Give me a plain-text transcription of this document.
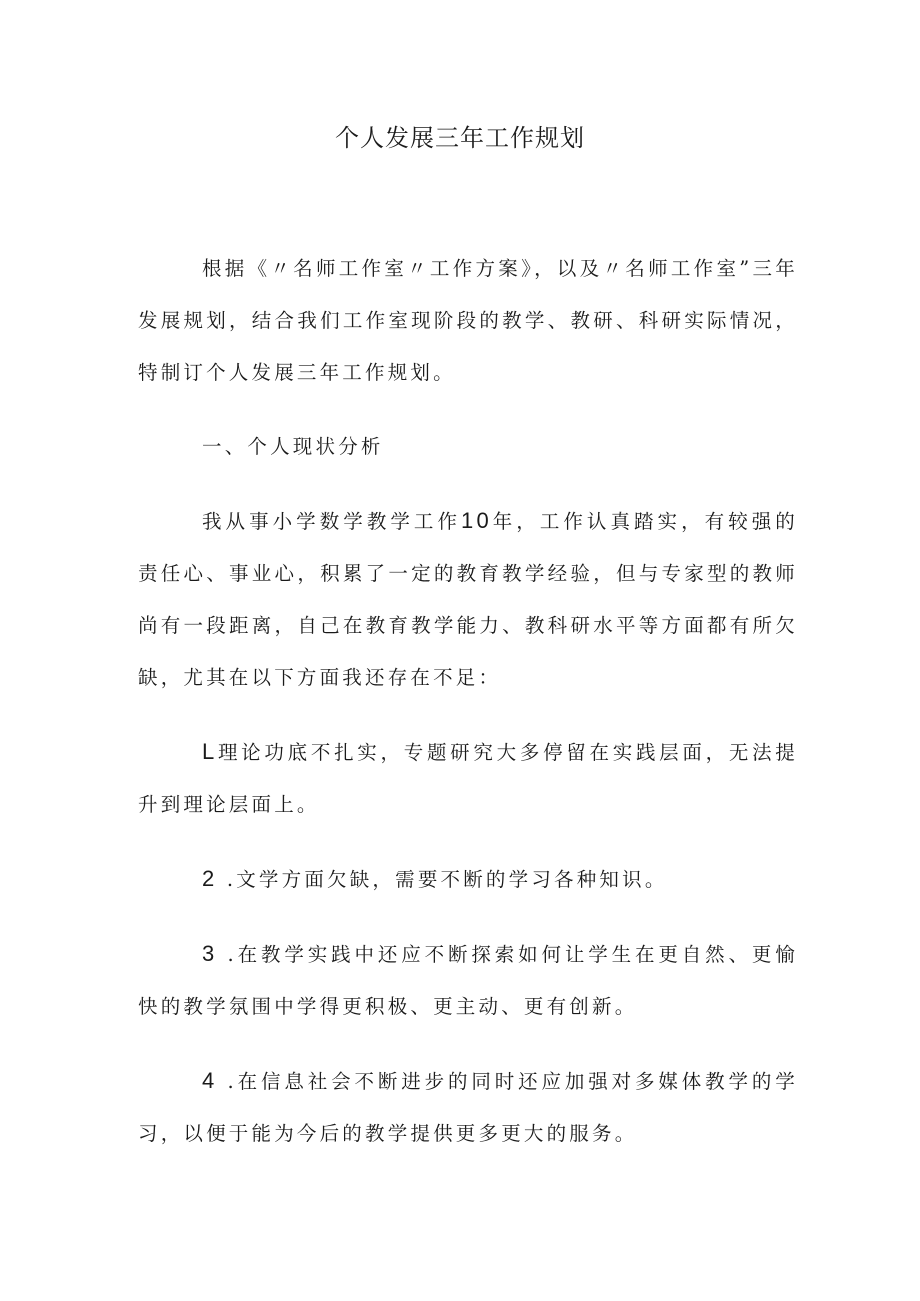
个人发展三年工作规划

根据《〃名师工作室〃工作方案》，以及〃名师工作室”三年发展规划，结合我们工作室现阶段的教学、教研、科研实际情况，特制订个人发展三年工作规划。

一、个人现状分析

我从事小学数学教学工作10年，工作认真踏实，有较强的责任心、事业心，积累了一定的教育教学经验，但与专家型的教师尚有一段距离，自己在教育教学能力、教科研水平等方面都有所欠缺，尤其在以下方面我还存在不足：

L理论功底不扎实，专题研究大多停留在实践层面，无法提升到理论层面上。

2 .文学方面欠缺，需要不断的学习各种知识。

3 .在教学实践中还应不断探索如何让学生在更自然、更愉快的教学氛围中学得更积极、更主动、更有创新。

4 .在信息社会不断进步的同时还应加强对多媒体教学的学习，以便于能为今后的教学提供更多更大的服务。
